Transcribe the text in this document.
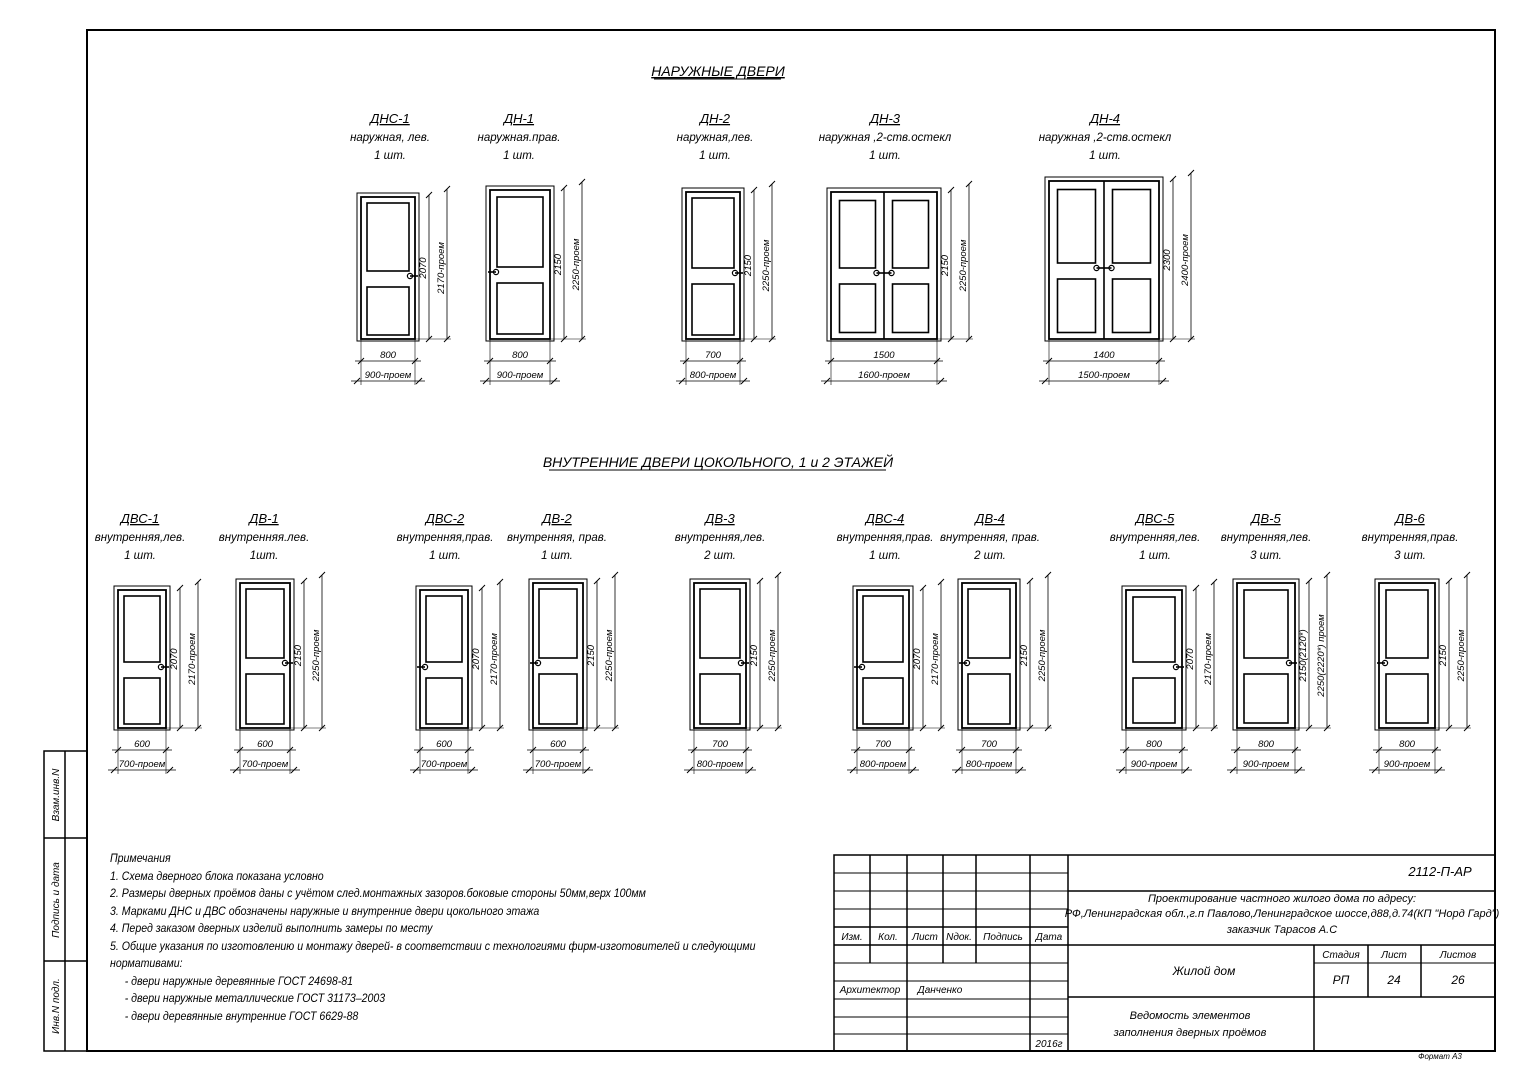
НАРУЖНЫЕ ДВЕРИ
ВНУТРЕННИЕ ДВЕРИ ЦОКОЛЬНОГО, 1 и 2 ЭТАЖЕЙ
ДНС-1
наружная, лев.
1 шт.
2070 2170-проем
800
900-проем
ДН-1
наружная.прав.
1 шт.
2150 2250-проем
800
900-проем
ДН-2
наружная,лев.
1 шт.
2150 2250-проем
700
800-проем
ДН-3
наружная ,2-ств.остекл
1 шт.
2150 2250-проем
1500
1600-проем
ДН-4
наружная ,2-ств.остекл
1 шт.
2300 2400-проем
1400
1500-проем
ДВС-1
внутренняя,лев.
1 шт.
2070 2170-проем
600
700-проем
ДВ-1
внутренняя.лев.
1шт.
2150 2250-проем
600
700-проем
ДВС-2
внутренняя,прав.
1 шт.
2070 2170-проем
600
700-проем
ДВ-2
внутренняя, прав.
1 шт.
2150 2250-проем
600
700-проем
ДВ-3
внутренняя,лев.
2 шт.
2150 2250-проем
700
800-проем
ДВС-4
внутренняя,прав.
1 шт.
2070 2170-проем
700
800-проем
ДВ-4
внутренняя, прав.
2 шт.
2150 2250-проем
700
800-проем
ДВС-5
внутренняя,лев.
1 шт.
2070 2170-проем
800
900-проем
ДВ-5
внутренняя,лев.
3 шт.
2150(2120*) 2250(2220*) проем
800
900-проем
ДВ-6
внутренняя,прав.
3 шт.
2150 2250-проем
800
900-проем
Взам.инв.N
Подпись и дата
Инв.N подл.
2112-П-АР
Проектирование частного жилого дома по адресу:
РФ,Ленинградская обл.,г.п Павлово,Ленинградское шоссе,д88,д.74(КП "Норд Гард")
заказчик Тарасов А.С
Изм. Кол. Лист Nдок. Подпись Дата
Архитектор Данченко
2016г
Жилой дом
Стадия Лист	Листов
РП	24	26
Ведомость элементов
заполнения дверных проёмов
Формат А3
Примечания
1. Схема дверного блока показана условно
2. Размеры дверных проёмов даны с учётом след.монтажных зазоров.боковые стороны 50мм,верх 100мм
3. Марками ДНС и ДВС обозначены наружные и внутренние двери цокольного этажа
4. Перед заказом дверных изделий выполнить замеры по месту
5. Общие указания по изготовлению и монтажу дверей- в соответствии с технологиями фирм-изготовителей и следующими
нормативами:
- двери наружные деревянные ГОСТ 24698-81
- двери наружные металлические ГОСТ 31173–2003
- двери деревянные внутренние ГОСТ 6629-88
